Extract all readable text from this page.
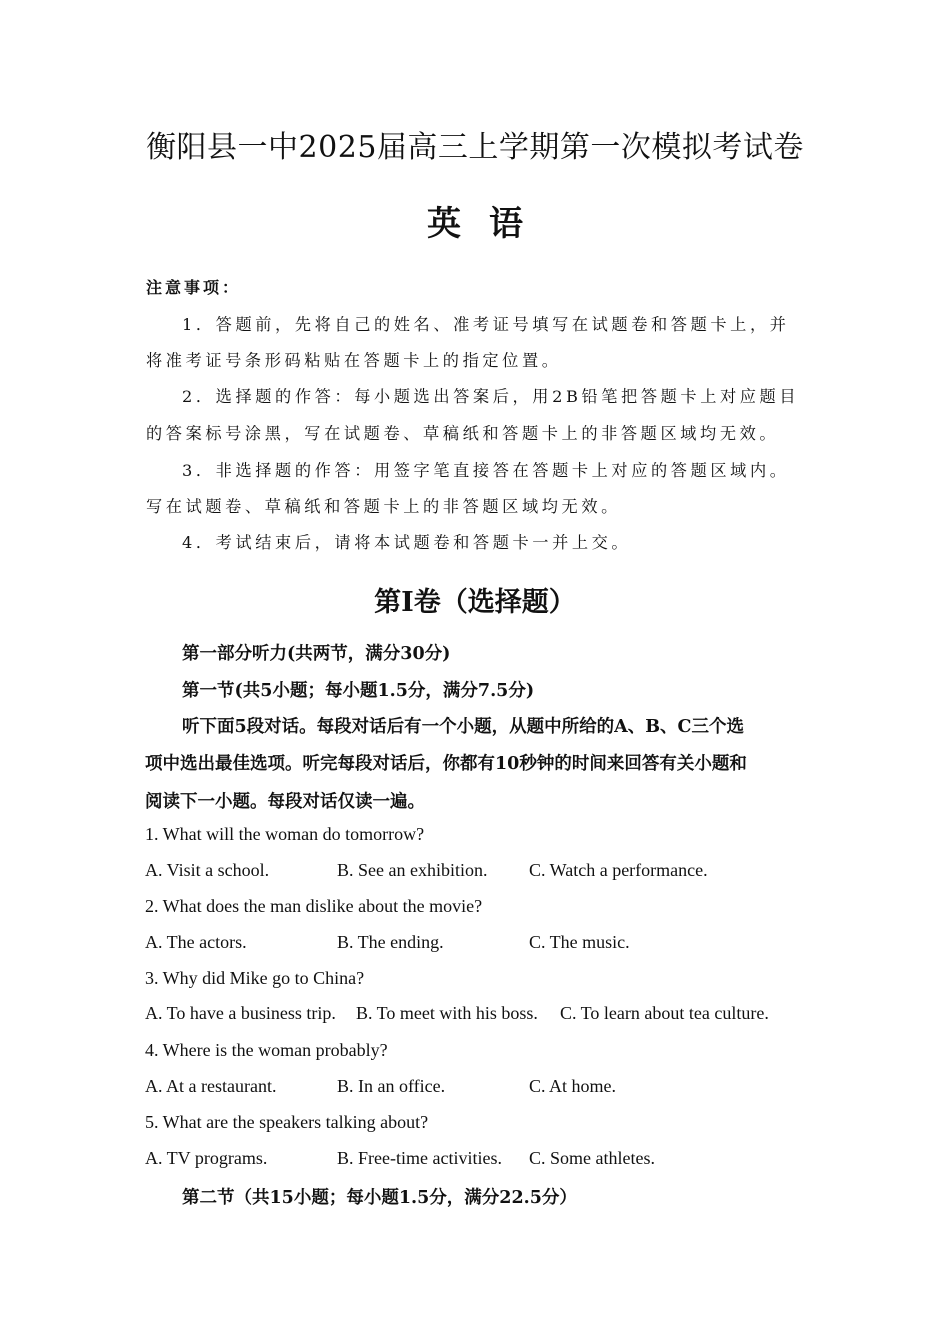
衡阳县一中2025届高三上学期第一次模拟考试卷
英语
注意事项：
1．答题前，先将自己的姓名、准考证号填写在试题卷和答题卡上，并
将准考证号条形码粘贴在答题卡上的指定位置。
2．选择题的作答：每小题选出答案后，用2B铅笔把答题卡上对应题目
的答案标号涂黑，写在试题卷、草稿纸和答题卡上的非答题区域均无效。
3．非选择题的作答：用签字笔直接答在答题卡上对应的答题区域内。
写在试题卷、草稿纸和答题卡上的非答题区域均无效。
4．考试结束后，请将本试题卷和答题卡一并上交。
第Ⅰ卷（选择题）
第一部分听力(共两节，满分30分)
第一节(共5小题；每小题1.5分，满分7.5分)
听下面5段对话。每段对话后有一个小题，从题中所给的A、B、C三个选
项中选出最佳选项。听完每段对话后，你都有10秒钟的时间来回答有关小题和
阅读下一小题。每段对话仅读一遍。
1. What will the woman do tomorrow?
A. Visit a school.	B. See an exhibition. C. Watch a performance.
2. What does the man dislike about the movie?
A. The actors.	B. The ending.	C. The music.
3. Why did Mike go to China?
A. To have a business trip. B. To meet with his boss. C. To learn about tea culture.
4. Where is the woman probably?
A. At a restaurant.	B. In an office.	C. At home.
5. What are the speakers talking about?
A. TV programs.	B. Free-time activities. C. Some athletes.
第二节（共15小题；每小题1.5分，满分22.5分）
